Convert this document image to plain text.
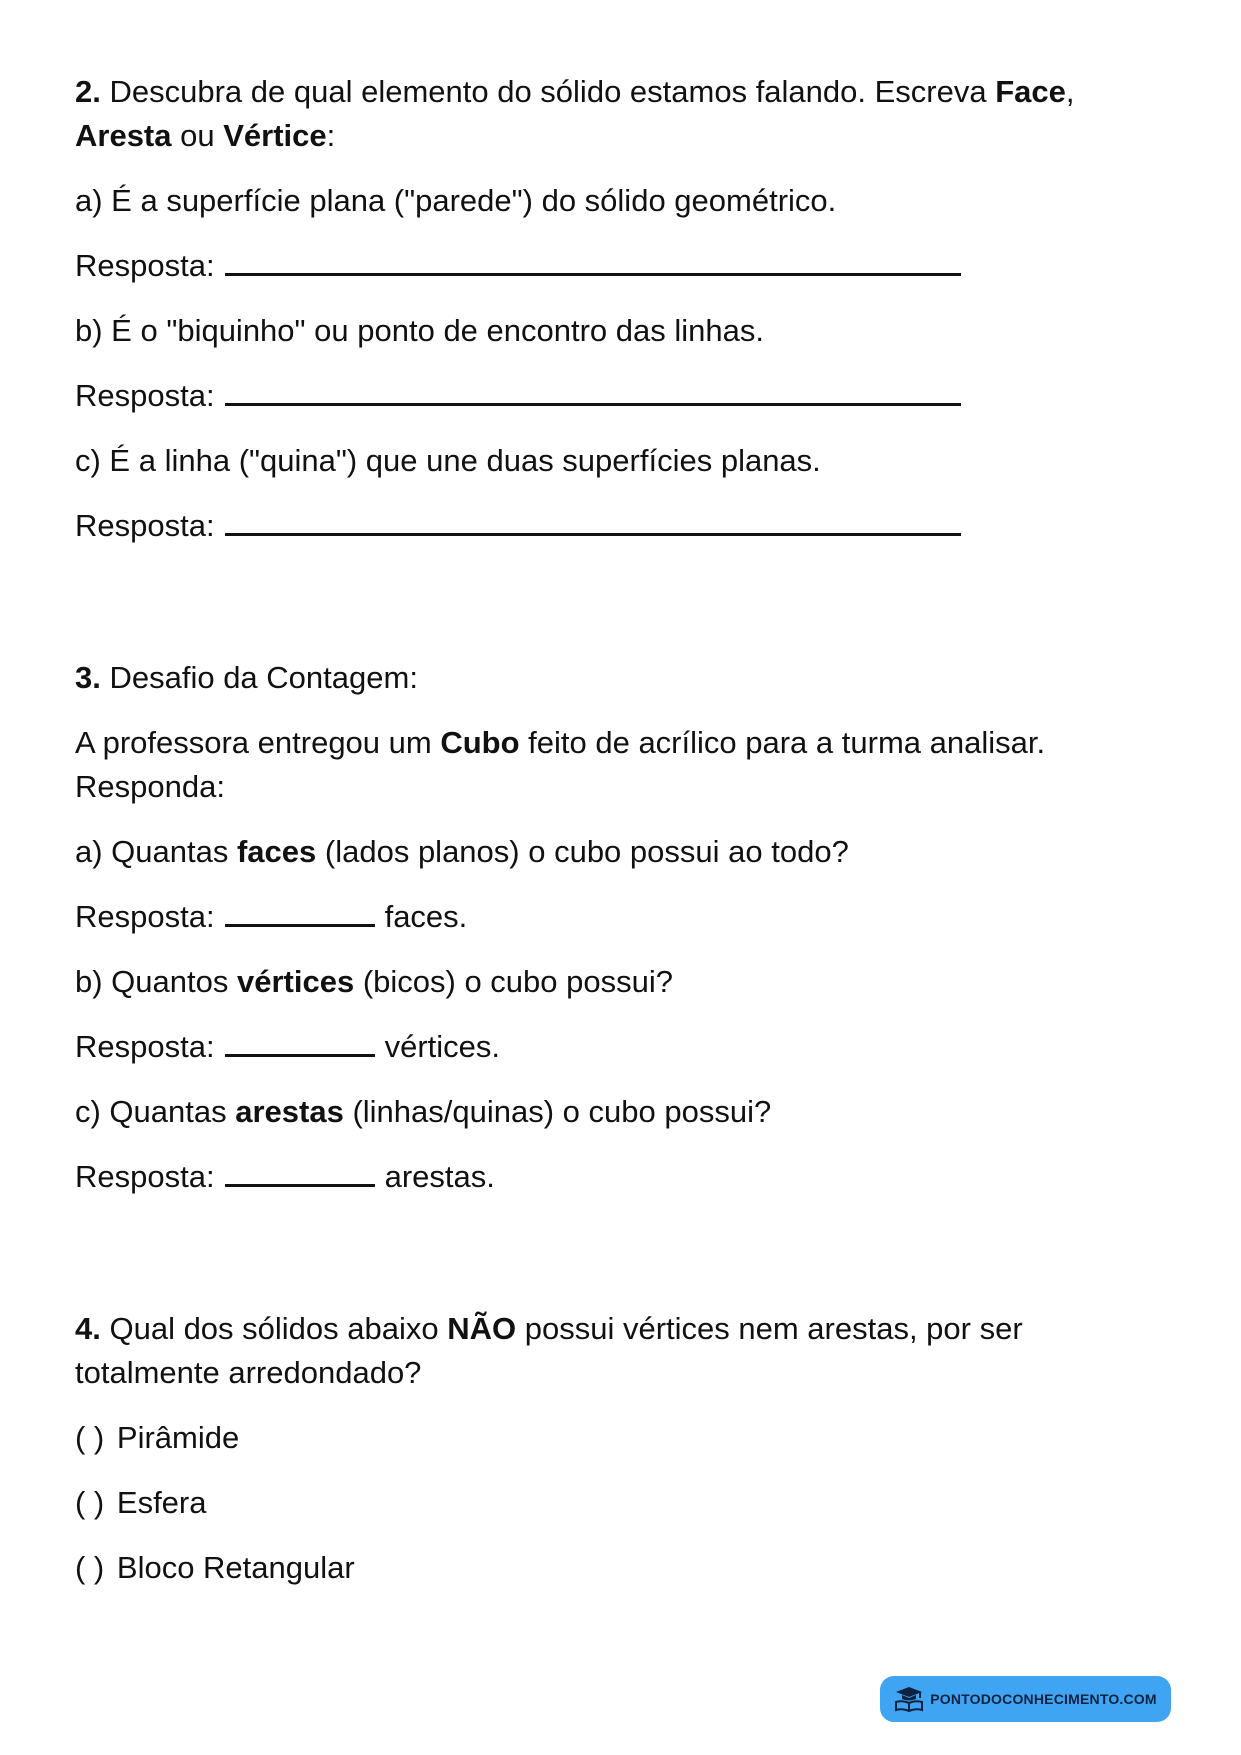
2. Descubra de qual elemento do sólido estamos falando. Escreva Face, Aresta ou Vértice:

a) É a superfície plana ("parede") do sólido geométrico.

Resposta:

b) É o "biquinho" ou ponto de encontro das linhas.

Resposta:

c) É a linha ("quina") que une duas superfícies planas.

Resposta:

3. Desafio da Contagem:

A professora entregou um Cubo feito de acrílico para a turma analisar. Responda:

a) Quantas faces (lados planos) o cubo possui ao todo?

Resposta:	faces.

b) Quantos vértices (bicos) o cubo possui?

Resposta:	vértices.

c) Quantas arestas (linhas/quinas) o cubo possui?

Resposta:	arestas.

4. Qual dos sólidos abaixo NÃO possui vértices nem arestas, por ser totalmente arredondado?

( ) Pirâmide

( ) Esfera

( ) Bloco Retangular

PONTODOCONHECIMENTO.COM
